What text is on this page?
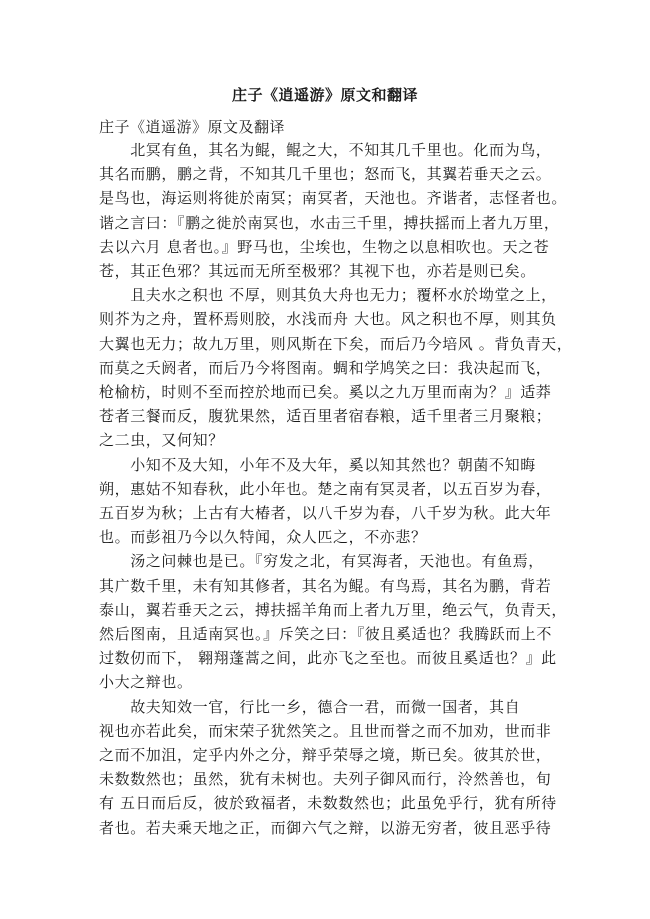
庄子《逍遥游》原文和翻译
庄子《逍遥游》原文及翻译
　　北冥有鱼，其名为鲲，鲲之大，不知其几千里也。化而为鸟，
其名而鹏，鹏之背，不知其几千里也；怒而飞，其翼若垂天之云。
是鸟也，海运则将徙於南冥；南冥者，天池也。齐谐者，志怪者也。
谐之言曰：『鹏之徙於南冥也，水击三千里，搏扶摇而上者九万里，
去以六月 息者也。』野马也，尘埃也，生物之以息相吹也。天之苍
苍，其正色邪？其远而无所至极邪？其视下也，亦若是则已矣。
　　且夫水之积也 不厚，则其负大舟也无力；覆杯水於坳堂之上，
则芥为之舟，置杯焉则胶，水浅而舟 大也。风之积也不厚，则其负
大翼也无力；故九万里，则风斯在下矣，而后乃今培风 。背负青天，
而莫之夭阏者，而后乃今将图南。蜩和学鸠笑之曰：我决起而飞，
枪榆枋，时则不至而控於地而已矣。奚以之九万里而南为？』适莽
苍者三餐而反，腹犹果然，适百里者宿春粮，适千里者三月聚粮；
之二虫，又何知？
　　小知不及大知，小年不及大年，奚以知其然也？朝菌不知晦
朔，惠姑不知春秋，此小年也。楚之南有冥灵者，以五百岁为春，
五百岁为秋；上古有大椿者，以八千岁为春，八千岁为秋。此大年
也。而彭祖乃今以久特闻，众人匹之，不亦悲？
　　汤之问棘也是已。『穷发之北，有冥海者，天池也。有鱼焉，
其广数千里，未有知其修者，其名为鲲。有鸟焉，其名为鹏，背若
泰山，翼若垂天之云，搏扶摇羊角而上者九万里，绝云气，负青天，
然后图南，且适南冥也。』斥笑之曰：『彼且奚适也？我腾跃而上不
过数仞而下， 翱翔蓬蒿之间，此亦飞之至也。而彼且奚适也？』此
小大之辩也。
　　故夫知效一官，行比一乡，德合一君，而微一国者，其自
视也亦若此矣，而宋荣子犹然笑之。且世而誉之而不加劝，世而非
之而不加沮，定乎内外之分，辩乎荣辱之境，斯已矣。彼其於世，
未数数然也；虽然，犹有未树也。夫列子御风而行，泠然善也，旬
有 五日而后反，彼於致福者，未数数然也；此虽免乎行，犹有所待
者也。若夫乘天地之正，而御六气之辩，以游无穷者，彼且恶乎待
